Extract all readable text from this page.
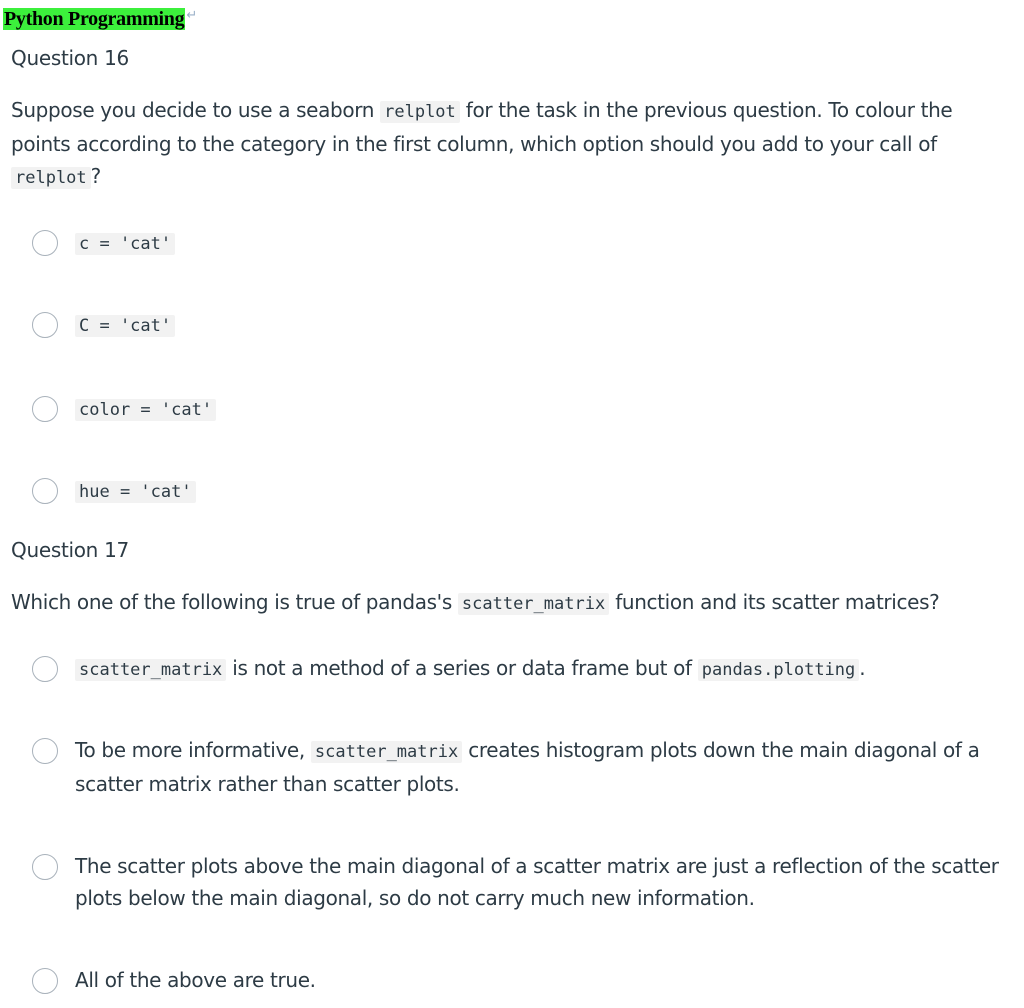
Python Programming ↵
Question 16
Suppose you decide to use a seaborn relplot for the task in the previous question. To colour the points according to the category in the first column, which option should you add to your call of relplot ?
c = 'cat'
C = 'cat'
color = 'cat'
hue = 'cat'
Question 17
Which one of the following is true of pandas's scatter_matrix function and its scatter matrices?
scatter_matrix is not a method of a series or data frame but of pandas.plotting .
To be more informative, scatter_matrix creates histogram plots down the main diagonal of a scatter matrix rather than scatter plots.
The scatter plots above the main diagonal of a scatter matrix are just a reflection of the scatter plots below the main diagonal, so do not carry much new information.
All of the above are true.
